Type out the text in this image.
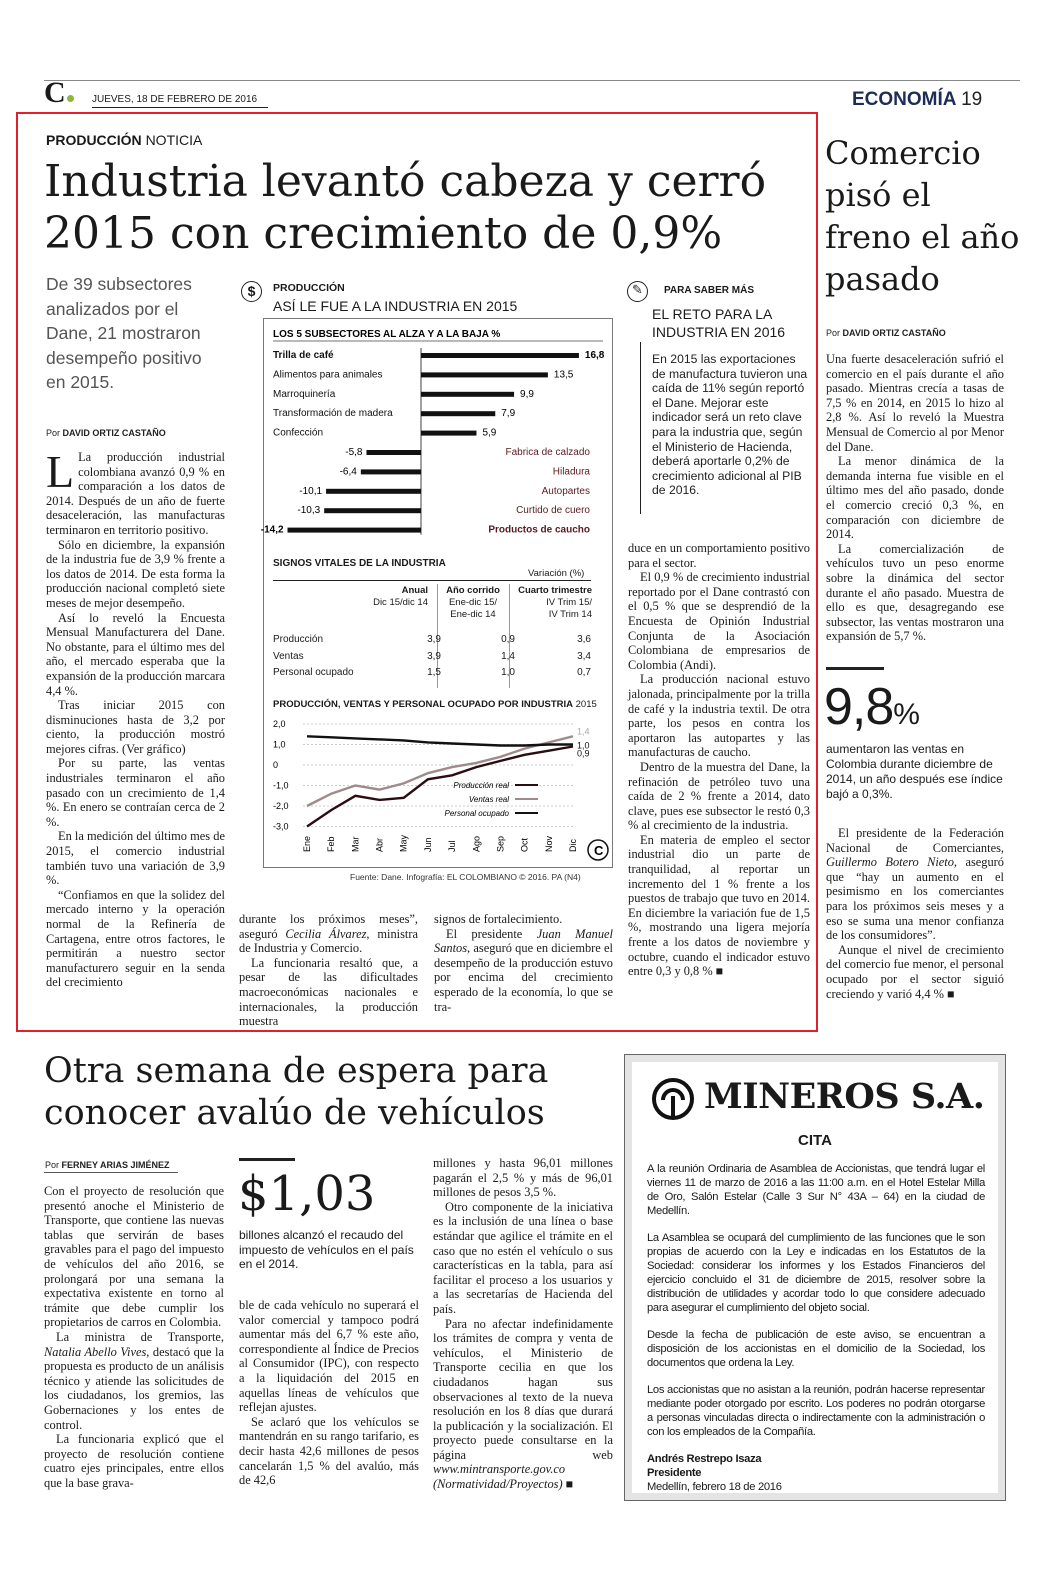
C	JUEVES, 18 DE FEBRERO DE 2016	ECONOMÍA 19
PRODUCCIÓN NOTICIA
Industria levantó cabeza y cerró
2015 con crecimiento de 0,9%
De 39 subsectores analizados por el Dane, 21 mostraron desempeño positivo en 2015.
Por DAVID ORTIZ CASTAÑO

L La producción industrial colombiana avanzó 0,9 % en comparación a los datos de 2014. Después de un año de fuerte desaceleración, las manufacturas terminaron en territorio positivo.

Sólo en diciembre, la expansión de la industria fue de 3,9 % frente a los datos de 2014. De esta forma la producción nacional completó siete meses de mejor desempeño.

Así lo reveló la Encuesta Mensual Manufacturera del Dane. No obstante, para el último mes del año, el mercado esperaba que la expansión de la producción marcara 4,4 %.

Tras iniciar 2015 con disminuciones hasta de 3,2 por ciento, la producción mostró mejores cifras. (Ver gráfico)

Por su parte, las ventas industriales terminaron el año pasado con un crecimiento de 1,4 %. En enero se contraían cerca de 2 %.

En la medición del último mes de 2015, el comercio industrial también tuvo una variación de 3,9 %.

“Confiamos en que la solidez del mercado interno y la operación normal de la Refinería de Cartagena, entre otros factores, le permitirán a nuestro sector manufacturero seguir en la senda del crecimiento

durante los próximos meses”, aseguró Cecilia Álvarez, ministra de Industria y Comercio.

La funcionaria resaltó que, a pesar de las dificultades macroeconómicas nacionales e internacionales, la producción muestra

signos de fortalecimiento.

El presidente Juan Manuel Santos, aseguró que en diciembre el desempeño de la producción estuvo por encima del crecimiento esperado de la economía, lo que se tra-

$	PRODUCCIÓN
ASÍ LE FUE A LA INDUSTRIA EN 2015
LOS 5 SUBSECTORES AL ALZA Y A LA BAJA %
Trilla de café	16,8
Alimentos para animales	13,5
Marroquinería	9,9
Transformación de madera	7,9
Confección	5,9
Fabrica de calzado
-5,8
Hiladura
-6,4
Autopartes
-10,1
Curtido de cuero
-10,3
Productos de caucho
-14,2
SIGNOS VITALES DE LA INDUSTRIA
Variación (%)
Anual
Dic 15/dic 14
Año corrido
Ene-dic 15/
Ene-dic 14
Cuarto trimestre
IV Trim 15/
IV Trim 14
Producción	3,9	0,9	3,6
Ventas	3,9	1,4	3,4
Personal ocupado	1,5	1,0	0,7
PRODUCCIÓN, VENTAS Y PERSONAL OCUPADO POR INDUSTRIA 2015
2,0
1,0
0
-1,0
-2,0
-3,0
Ene Feb Mar Abr May Jun Jul Ago Sep Oct Nov Dic
1,4
1,0
0,9
Producción real
Ventas real
Personal ocupado
C
Fuente: Dane. Infografía: EL COLOMBIANO © 2016. PA (N4)
✎	PARA SABER MÁS
EL RETO PARA LA INDUSTRIA EN 2016
En 2015 las exportaciones de manufactura tuvieron una caída de 11% según reportó el Dane. Mejorar este indicador será un reto clave para la industria que, según el Ministerio de Hacienda, deberá aportarle 0,2% de crecimiento adicional al PIB de 2016.

duce en un comportamiento positivo para el sector.

El 0,9 % de crecimiento industrial reportado por el Dane contrastó con el 0,5 % que se desprendió de la Encuesta de Opinión Industrial Conjunta de la Asociación Colombiana de empresarios de Colombia (Andi).

La producción nacional estuvo jalonada, principalmente por la trilla de café y la industria textil. De otra parte, los pesos en contra los aportaron las autopartes y las manufacturas de caucho.

Dentro de la muestra del Dane, la refinación de petróleo tuvo una caída de 2 % frente a 2014, dato clave, pues ese subsector le restó 0,3 % al crecimiento de la industria.

En materia de empleo el sector industrial dio un parte de tranquilidad, al reportar un incremento del 1 % frente a los puestos de trabajo que tuvo en 2014. En diciembre la variación fue de 1,5 %, mostrando una ligera mejoría frente a los datos de noviembre y octubre, cuando el indicador estuvo entre 0,3 y 0,8 % ■

Comercio pisó el freno el año pasado
Por DAVID ORTIZ CASTAÑO

Una fuerte desaceleración sufrió el comercio en el país durante el año pasado. Mientras crecía a tasas de 7,5 % en 2014, en 2015 lo hizo al 2,8 %. Así lo reveló la Muestra Mensual de Comercio al por Menor del Dane.

La menor dinámica de la demanda interna fue visible en el último mes del año pasado, donde el comercio creció 0,3 %, en comparación con diciembre de 2014.

La comercialización de vehículos tuvo un peso enorme sobre la dinámica del sector durante el año pasado. Muestra de ello es que, desagregando ese subsector, las ventas mostraron una expansión de 5,7 %.

9,8%
aumentaron las ventas en Colombia durante diciembre de 2014, un año después ese índice bajó a 0,3%.

El presidente de la Federación Nacional de Comerciantes, Guillermo Botero Nieto, aseguró que “hay un aumento en el pesimismo en los comerciantes para los próximos seis meses y a eso se suma una menor confianza de los consumidores”.

Aunque el nivel de crecimiento del comercio fue menor, el personal ocupado por el sector siguió creciendo y varió 4,4 % ■

Otra semana de espera para
conocer avalúo de vehículos
Por FERNEY ARIAS JIMÉNEZ

Con el proyecto de resolución que presentó anoche el Ministerio de Transporte, que contiene las nuevas tablas que servirán de bases gravables para el pago del impuesto de vehículos del año 2016, se prolongará por una semana la expectativa existente en torno al trámite que debe cumplir los propietarios de carros en Colombia.

La ministra de Transporte, Natalia Abello Vives, destacó que la propuesta es producto de un análisis técnico y atiende las solicitudes de los ciudadanos, los gremios, las Gobernaciones y los entes de control.

La funcionaria explicó que el proyecto de resolución contiene cuatro ejes principales, entre ellos que la base grava-

$1,03
billones alcanzó el recaudo del impuesto de vehículos en el país en el 2014.

ble de cada vehículo no superará el valor comercial y tampoco podrá aumentar más del 6,7 % este año, correspondiente al Índice de Precios al Consumidor (IPC), con respecto a la liquidación del 2015 en aquellas líneas de vehículos que reflejan ajustes.

Se aclaró que los vehículos se mantendrán en su rango tarifario, es decir hasta 42,6 millones de pesos cancelarán 1,5 % del avalúo, más de 42,6

millones y hasta 96,01 millones pagarán el 2,5 % y más de 96,01 millones de pesos 3,5 %.

Otro componente de la iniciativa es la inclusión de una línea o base estándar que agilice el trámite en el caso que no estén el vehículo o sus características en la tabla, para así facilitar el proceso a los usuarios y a las secretarías de Hacienda del país.

Para no afectar indefinidamente los trámites de compra y venta de vehículos, el Ministerio de Transporte cecilia en que los ciudadanos hagan sus observaciones al texto de la nueva resolución en los 8 días que durará la publicación y la socialización. El proyecto puede consultarse en la página web www.mintransporte.gov.co (Normatividad/Proyectos) ■

MINEROS S.A.
CITA

A la reunión Ordinaria de Asamblea de Accionistas, que tendrá lugar el viernes 11 de marzo de 2016 a las 11:00 a.m. en el Hotel Estelar Milla de Oro, Salón Estelar (Calle 3 Sur N° 43A – 64) en la ciudad de Medellín.

La Asamblea se ocupará del cumplimiento de las funciones que le son propias de acuerdo con la Ley e indicadas en los Estatutos de la Sociedad: considerar los informes y los Estados Financieros del ejercicio concluido el 31 de diciembre de 2015, resolver sobre la distribución de utilidades y acordar todo lo que considere adecuado para asegurar el cumplimiento del objeto social.

Desde la fecha de publicación de este aviso, se encuentran a disposición de los accionistas en el domicilio de la Sociedad, los documentos que ordena la Ley.

Los accionistas que no asistan a la reunión, podrán hacerse representar mediante poder otorgado por escrito. Los poderes no podrán otorgarse a personas vinculadas directa o indirectamente con la administración o con los empleados de la Compañía.

Andrés Restrepo Isaza

Presidente

Medellín, febrero 18 de 2016
